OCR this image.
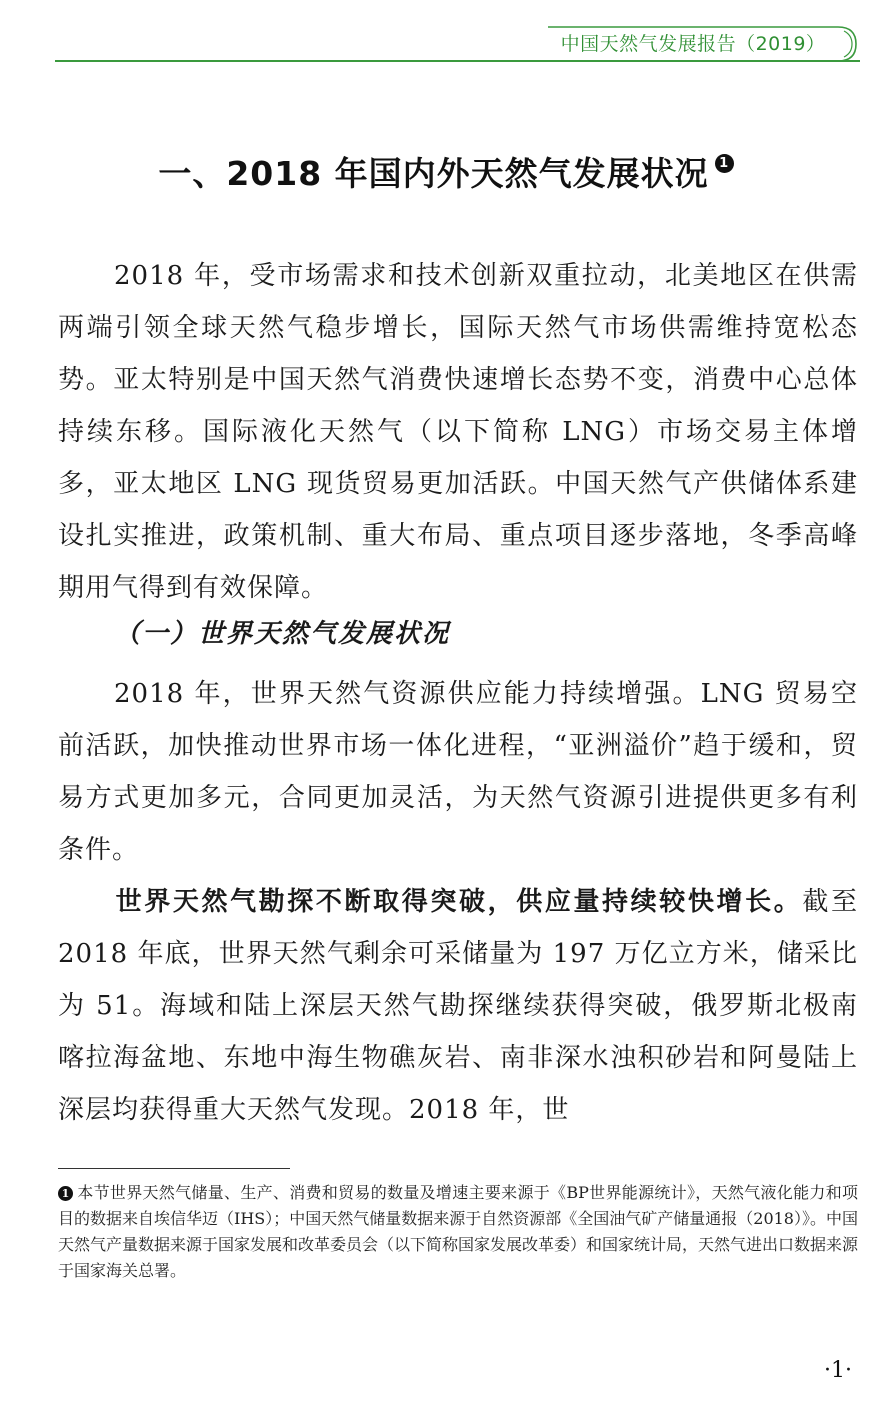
中国天然气发展报告（2019）
一、2018 年国内外天然气发展状况 1
2018 年，受市场需求和技术创新双重拉动，北美地区在供需两端引领全球天然气稳步增长，国际天然气市场供需维持宽松态势。亚太特别是中国天然气消费快速增长态势不变，消费中心总体持续东移。国际液化天然气（以下简称 LNG）市场交易主体增多，亚太地区 LNG 现货贸易更加活跃。中国天然气产供储体系建设扎实推进，政策机制、重大布局、重点项目逐步落地，冬季高峰期用气得到有效保障。
（一）世界天然气发展状况
2018 年，世界天然气资源供应能力持续增强。LNG 贸易空前活跃，加快推动世界市场一体化进程，“亚洲溢价”趋于缓和，贸易方式更加多元，合同更加灵活，为天然气资源引进提供更多有利条件。
世界天然气勘探不断取得突破，供应量持续较快增长。截至 2018 年底，世界天然气剩余可采储量为 197 万亿立方米，储采比为 51。海域和陆上深层天然气勘探继续获得突破，俄罗斯北极南喀拉海盆地、东地中海生物礁灰岩、南非深水浊积砂岩和阿曼陆上深层均获得重大天然气发现。2018 年，世
1 本节世界天然气储量、生产、消费和贸易的数量及增速主要来源于《BP世界能源统计》，天然气液化能力和项目的数据来自埃信华迈（IHS）；中国天然气储量数据来源于自然资源部《全国油气矿产储量通报（2018）》。中国天然气产量数据来源于国家发展和改革委员会（以下简称国家发展改革委）和国家统计局，天然气进出口数据来源于国家海关总署。
·1·
